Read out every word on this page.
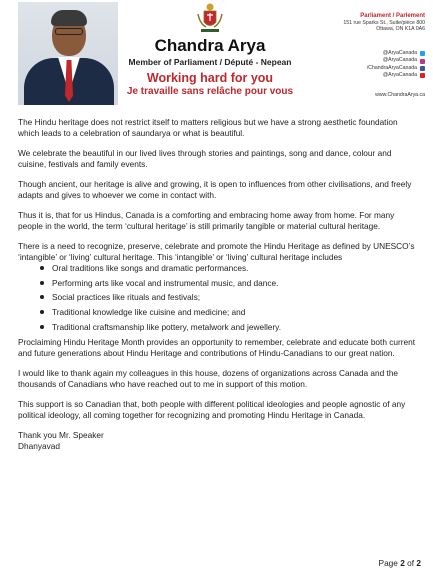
Chandra Arya
Member of Parliament / Député - Nepean
Working hard for you
Je travaille sans relâche pour vous
Parliament / Parlement
151 rue Sparks St., Suite/pièce 800
Ottawa, ON K1A 0A6
@AryaCanada
@AryaCanada
/ChandraAryaCanada
@AryaCanada
www.ChandraArya.ca

The Hindu heritage does not restrict itself to matters religious but we have a strong aesthetic foundation which leads to a celebration of saundarya or what is beautiful.

We celebrate the beautiful in our lived lives through stories and paintings, song and dance, colour and cuisine, festivals and family events.

Though ancient, our heritage is alive and growing, it is open to influences from other civilisations, and freely adapts and gives to whoever we come in contact with.

Thus it is, that for us Hindus, Canada is a comforting and embracing home away from home. For many people in the world, the term ‘cultural heritage’ is still primarily tangible or material cultural heritage.

There is a need to recognize, preserve, celebrate and promote the Hindu Heritage as defined by UNESCO’s ‘intangible’ or ‘living’ cultural heritage. This ‘intangible’ or ‘living’ cultural heritage includes

Oral traditions like songs and dramatic performances.
Performing arts like vocal and instrumental music, and dance.
Social practices like rituals and festivals;
Traditional knowledge like cuisine and medicine; and
Traditional craftsmanship like pottery, metalwork and jewellery.

Proclaiming Hindu Heritage Month provides an opportunity to remember, celebrate and educate both current and future generations about Hindu Heritage and contributions of Hindu-Canadians to our great nation.

I would like to thank again my colleagues in this house, dozens of organizations across Canada and the thousands of Canadians who have reached out to me in support of this motion.

This support is so Canadian that, both people with different political ideologies and people agnostic of any political ideology, all coming together for recognizing and promoting Hindu Heritage in Canada.

Thank you Mr. Speaker

Dhanyavad

Page 2 of 2
